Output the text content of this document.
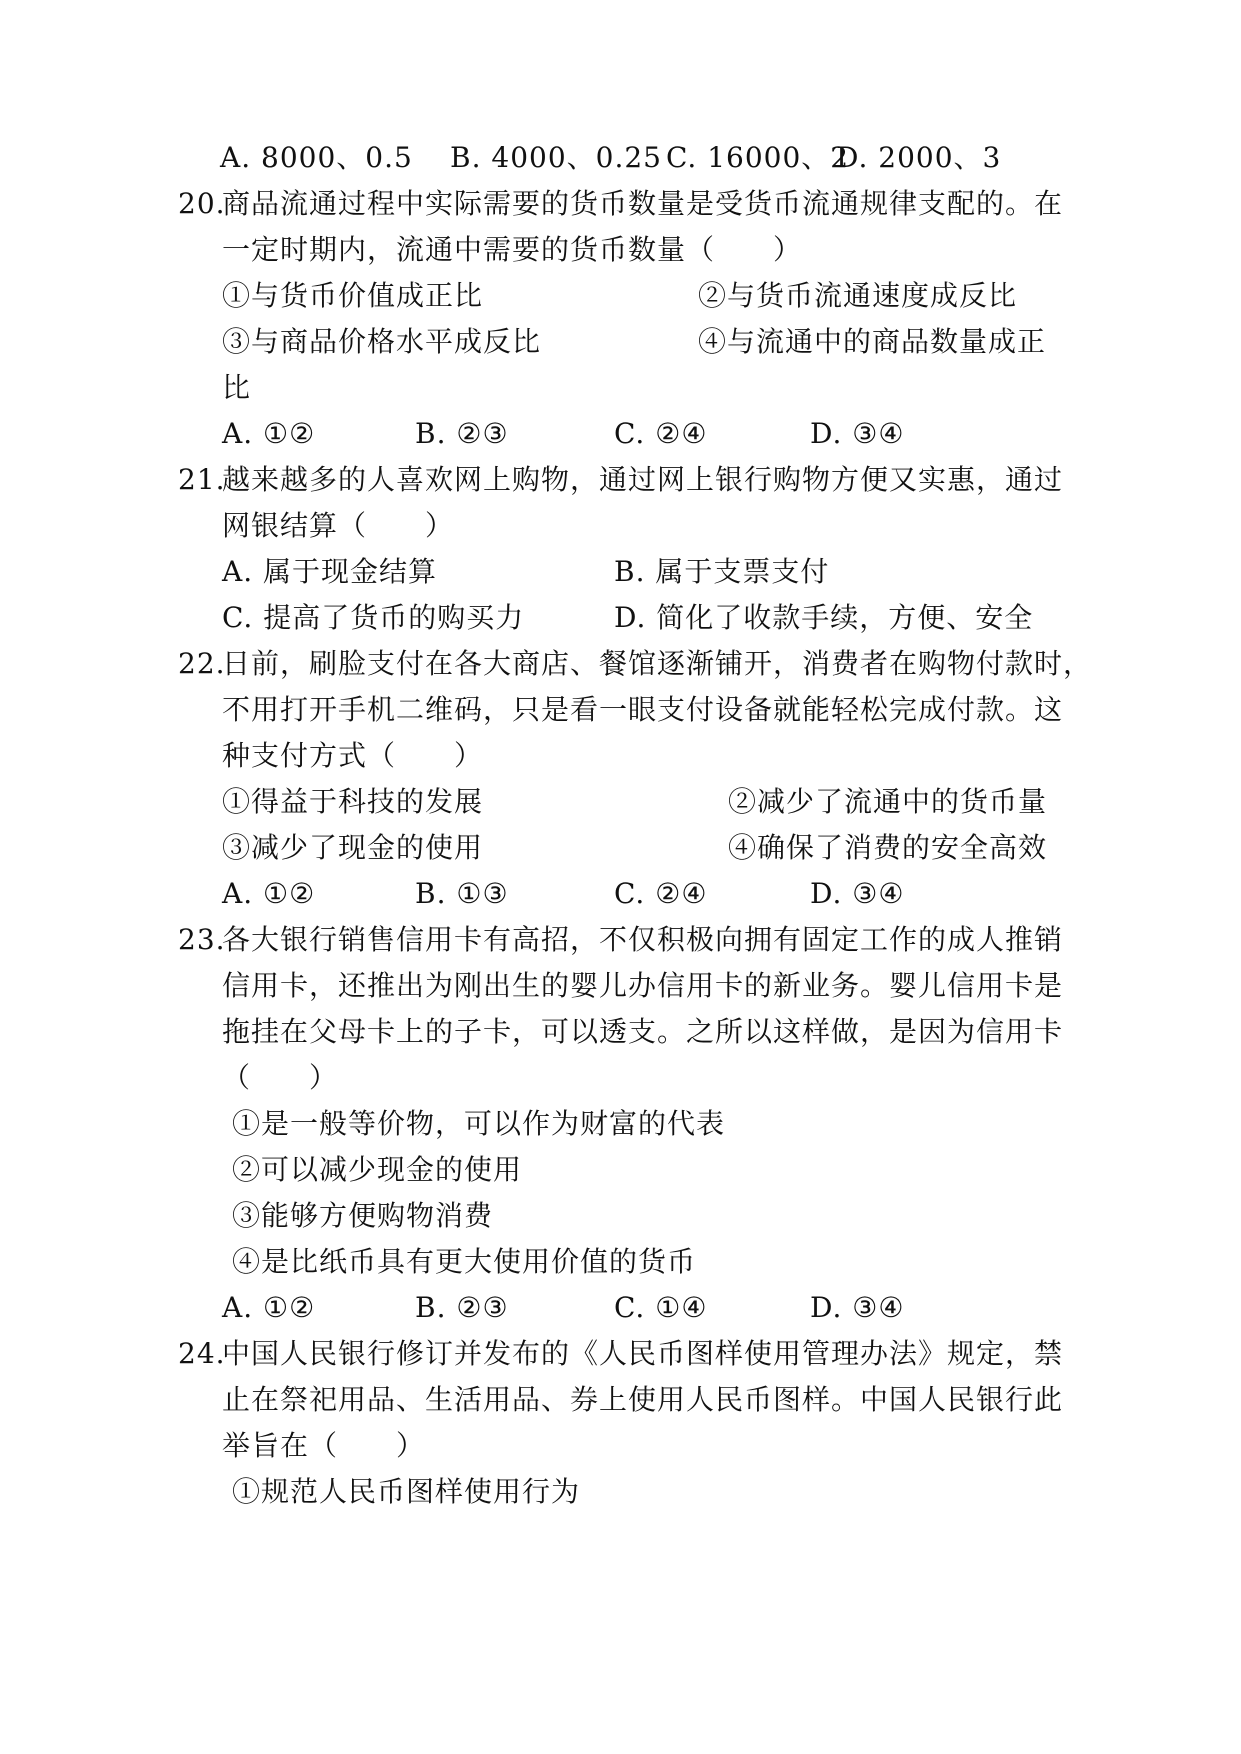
A. 8000、0.5 B. 4000、0.25 C. 16000、2
D. 2000、3
20.
商品流通过程中实际需要的货币数量是受货币流通规律支配的。在
一定时期内，流通中需要的货币数量（　　）
①与货币价值成正比	②与货币流通速度成反比
③与商品价格水平成反比	④与流通中的商品数量成正
比
A. ①②	B. ②③	C. ②④	D. ③④
21.
越来越多的人喜欢网上购物，通过网上银行购物方便又实惠，通过
网银结算（　　）
A. 属于现金结算	B. 属于支票支付
C. 提高了货币的购买力	D. 简化了收款手续，方便、安全
22.
日前，刷脸支付在各大商店、餐馆逐渐铺开，消费者在购物付款时，
不用打开手机二维码，只是看一眼支付设备就能轻松完成付款。这
种支付方式（　　）
①得益于科技的发展	②减少了流通中的货币量
③减少了现金的使用	④确保了消费的安全高效
A. ①②	B. ①③	C. ②④	D. ③④
23.
各大银行销售信用卡有高招，不仅积极向拥有固定工作的成人推销
信用卡，还推出为刚出生的婴儿办信用卡的新业务。婴儿信用卡是
拖挂在父母卡上的子卡，可以透支。之所以这样做，是因为信用卡
（　　）
①是一般等价物，可以作为财富的代表
②可以减少现金的使用
③能够方便购物消费
④是比纸币具有更大使用价值的货币
A. ①②	B. ②③	C. ①④	D. ③④
24.
中国人民银行修订并发布的《人民币图样使用管理办法》规定，禁
止在祭祀用品、生活用品、券上使用人民币图样。中国人民银行此
举旨在（　　）
①规范人民币图样使用行为
